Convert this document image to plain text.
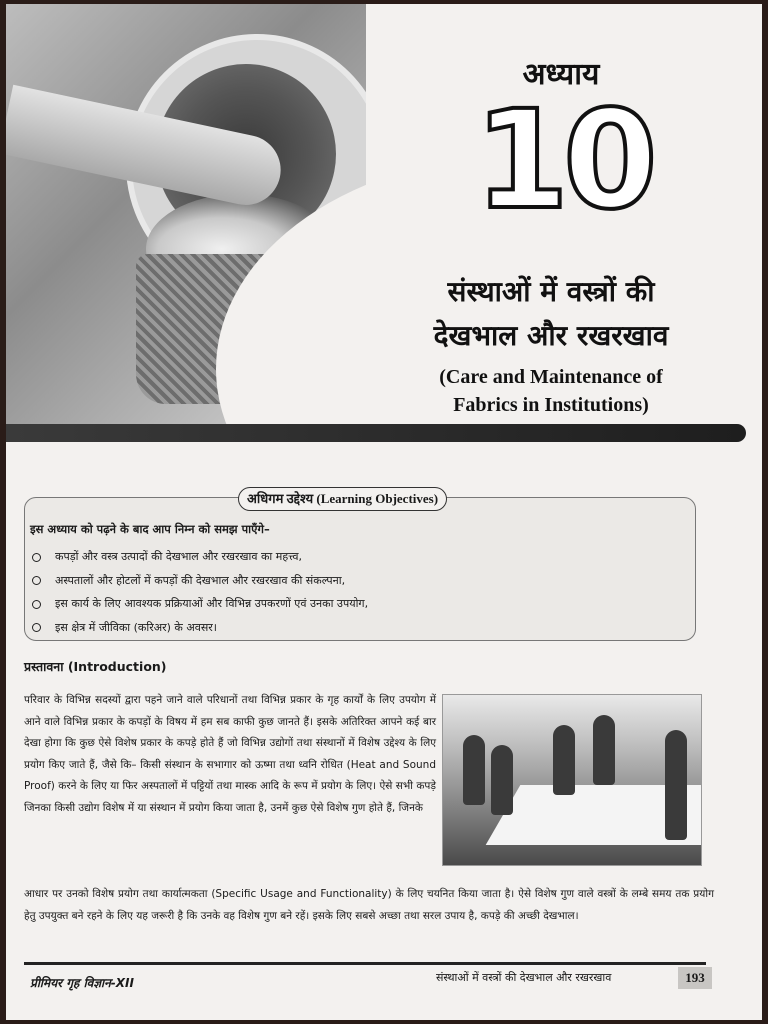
अध्याय
10
संस्थाओं में वस्त्रों की
देखभाल और रखरखाव
(Care and Maintenance of
Fabrics in Institutions)
अधिगम उद्देश्य (Learning Objectives)
इस अध्याय को पढ़ने के बाद आप निम्न को समझ पाएँगे–
कपड़ों और वस्त्र उत्पादों की देखभाल और रखरखाव का महत्त्व,
अस्पतालों और होटलों में कपड़ों की देखभाल और रखरखाव की संकल्पना,
इस कार्य के लिए आवश्यक प्रक्रियाओं और विभिन्न उपकरणों एवं उनका उपयोग,
इस क्षेत्र में जीविका (करिअर) के अवसर।
प्रस्तावना (Introduction)

परिवार के विभिन्न सदस्यों द्वारा पहने जाने वाले परिधानों तथा विभिन्न प्रकार के गृह कार्यों के लिए उपयोग में आने वाले विभिन्न प्रकार के कपड़ों के विषय में हम सब काफी कुछ जानते हैं। इसके अतिरिक्त आपने कई बार देखा होगा कि कुछ ऐसे विशेष प्रकार के कपड़े होते हैं जो विभिन्न उद्योगों तथा संस्थानों में विशेष उद्देश्य के लिए प्रयोग किए जाते हैं, जैसे कि– किसी संस्थान के सभागार को ऊष्मा तथा ध्वनि रोधित (Heat and Sound Proof) करने के लिए या फिर अस्पतालों में पट्टियों तथा मास्क आदि के रूप में प्रयोग के लिए। ऐसे सभी कपड़े जिनका किसी उद्योग विशेष में या संस्थान में प्रयोग किया जाता है, उनमें कुछ ऐसे विशेष गुण होते हैं, जिनके

आधार पर उनको विशेष प्रयोग तथा कार्यात्मकता (Specific Usage and Functionality) के लिए चयनित किया जाता है। ऐसे विशेष गुण वाले वस्त्रों के लम्बे समय तक प्रयोग हेतु उपयुक्त बने रहने के लिए यह जरूरी है कि उनके वह विशेष गुण बने रहें। इसके लिए सबसे अच्छा तथा सरल उपाय है, कपड़े की अच्छी देखभाल।

प्रीमियर गृह विज्ञान-XII	संस्थाओं में वस्त्रों की देखभाल और रखरखाव	193
